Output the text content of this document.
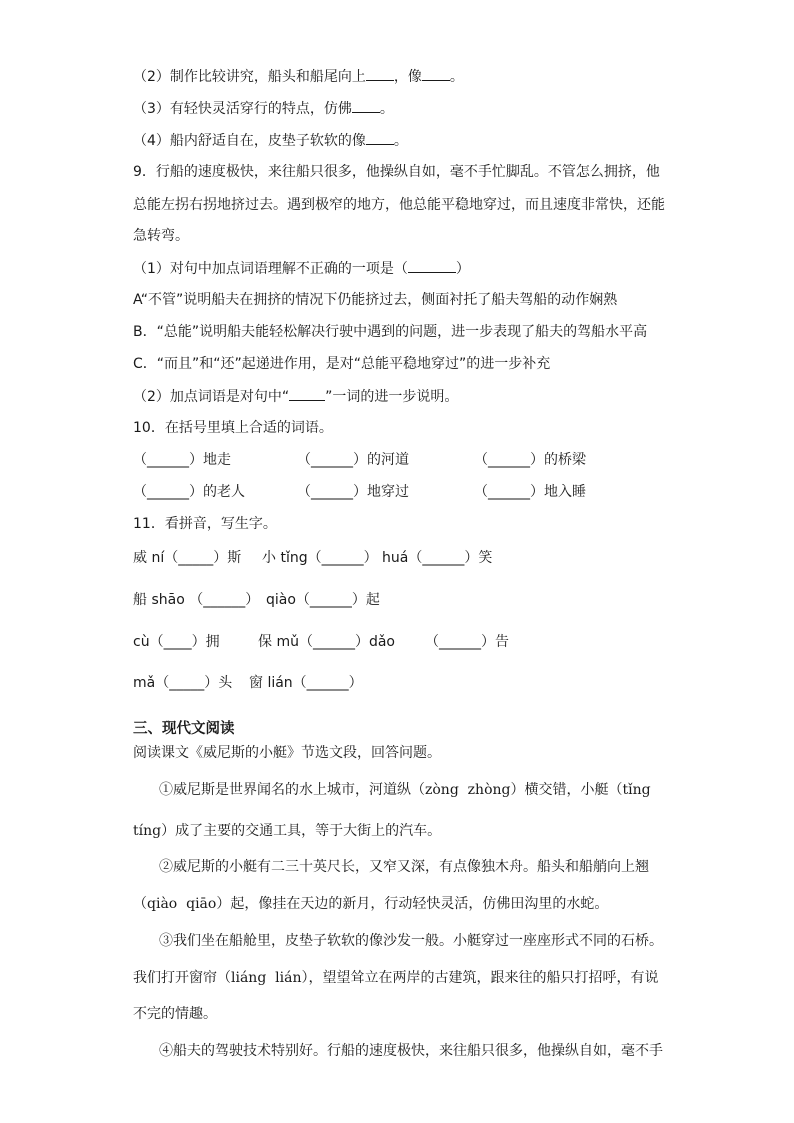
（2）制作比较讲究，船头和船尾向上 ，像 。
（3）有轻快灵活穿行的特点，仿佛 。
（4）船内舒适自在，皮垫子软软的像 。
9．行船的速度极快，来往船只很多，他操纵自如，毫不手忙脚乱。不管怎么拥挤，他
总能左拐右拐地挤过去。遇到极窄的地方，他总能平稳地穿过，而且速度非常快，还能
急转弯。
（1）对句中加点词语理解不正确的一项是（	）
A“不管”说明船夫在拥挤的情况下仍能挤过去，侧面衬托了船夫驾船的动作娴熟
B．“总能”说明船夫能轻松解决行驶中遇到的问题，进一步表现了船夫的驾船水平高
C．“而且”和“还”起递进作用，是对“总能平稳地穿过”的进一步补充
（2）加点词语是对句中“	”一词的进一步说明。
10．在括号里填上合适的词语。
（______）地走	（______）的河道	（______）的桥梁
（______）的老人	（______）地穿过	（______）地入睡
11．看拼音，写生字。
威 ní（_____）斯 小 tǐng（______） huá（______）笑
船 shāo （______） qiào（______）起
cù（____）拥	保 mǔ（______）dǎo （______）告
mǎ（_____）头 窗 lián（______）
三、现代文阅读
阅读课文《威尼斯的小艇》节选文段，回答问题。
①威尼斯是世界闻名的水上城市，河道纵（zòng  zhòng）横交错，小艇（tǐng
tíng）成了主要的交通工具，等于大街上的汽车。
②威尼斯的小艇有二三十英尺长，又窄又深，有点像独木舟。船头和船艄向上翘
（qiào  qiāo）起，像挂在天边的新月，行动轻快灵活，仿佛田沟里的水蛇。
③我们坐在船舱里，皮垫子软软的像沙发一般。小艇穿过一座座形式不同的石桥。
我们打开窗帘（liáng  lián），望望耸立在两岸的古建筑，跟来往的船只打招呼，有说
不完的情趣。
④船夫的驾驶技术特别好。行船的速度极快，来往船只很多，他操纵自如，毫不手
